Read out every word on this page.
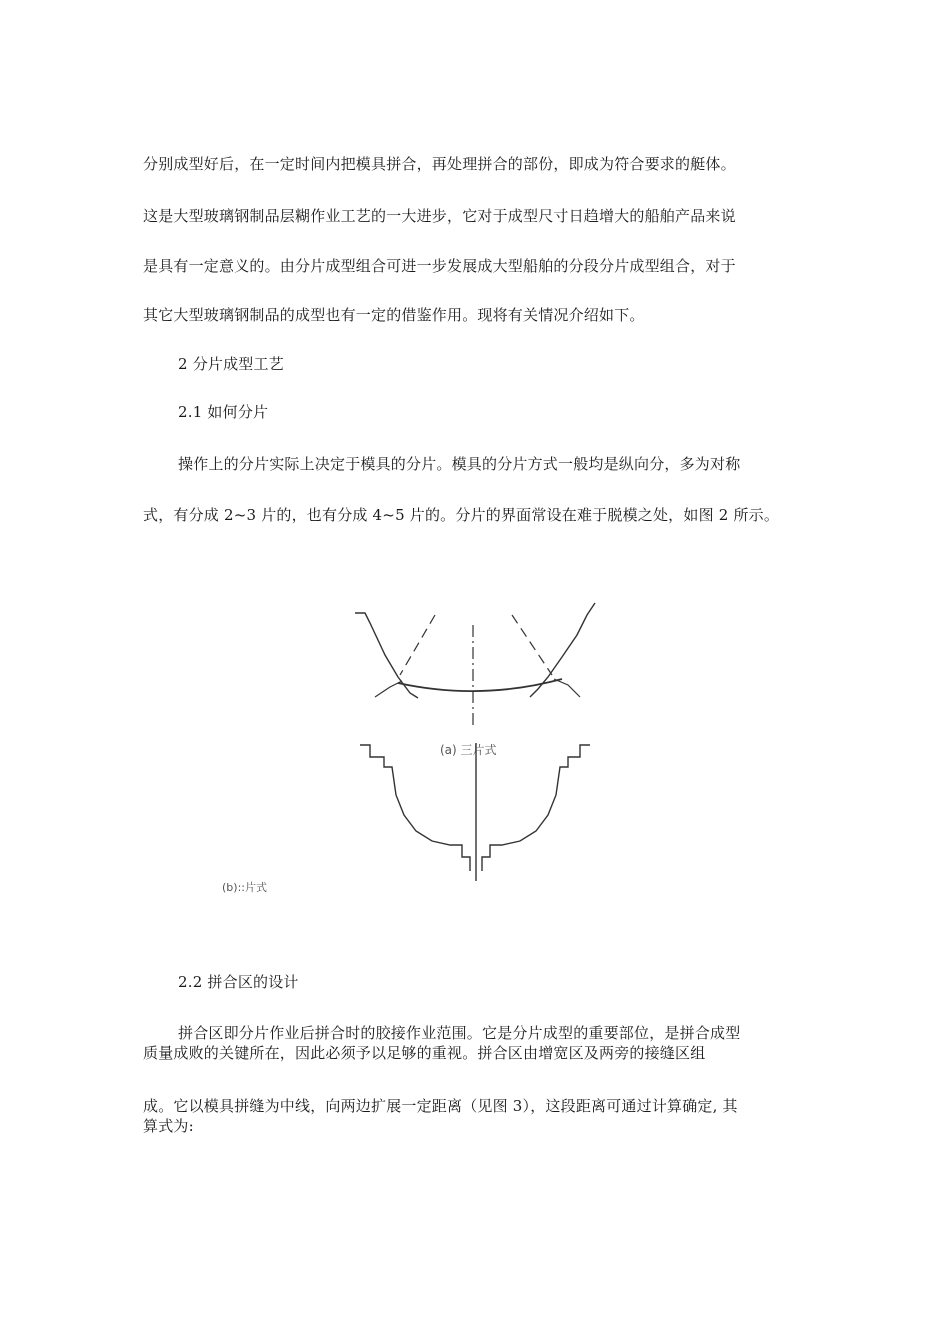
分别成型好后，在一定时间内把模具拼合，再处理拼合的部份，即成为符合要求的艇体。
这是大型玻璃钢制品层糊作业工艺的一大进步，它对于成型尺寸日趋增大的船舶产品来说
是具有一定意义的。由分片成型组合可进一步发展成大型船舶的分段分片成型组合，对于
其它大型玻璃钢制品的成型也有一定的借鉴作用。现将有关情况介绍如下。
2 分片成型工艺
2.1 如何分片
操作上的分片实际上决定于模具的分片。模具的分片方式一般均是纵向分，多为对称
式，有分成 2~3 片的，也有分成 4~5 片的。分片的界面常设在难于脱模之处，如图 2 所示。
(a) 三片式
(b)::片式
2.2 拼合区的设计
拼合区即分片作业后拼合时的胶接作业范围。它是分片成型的重要部位，是拼合成型
质量成败的关键所在，因此必须予以足够的重视。拼合区由增宽区及两旁的接缝区组
成。它以模具拼缝为中线，向两边扩展一定距离（见图 3），这段距离可通过计算确定, 其
算式为:
